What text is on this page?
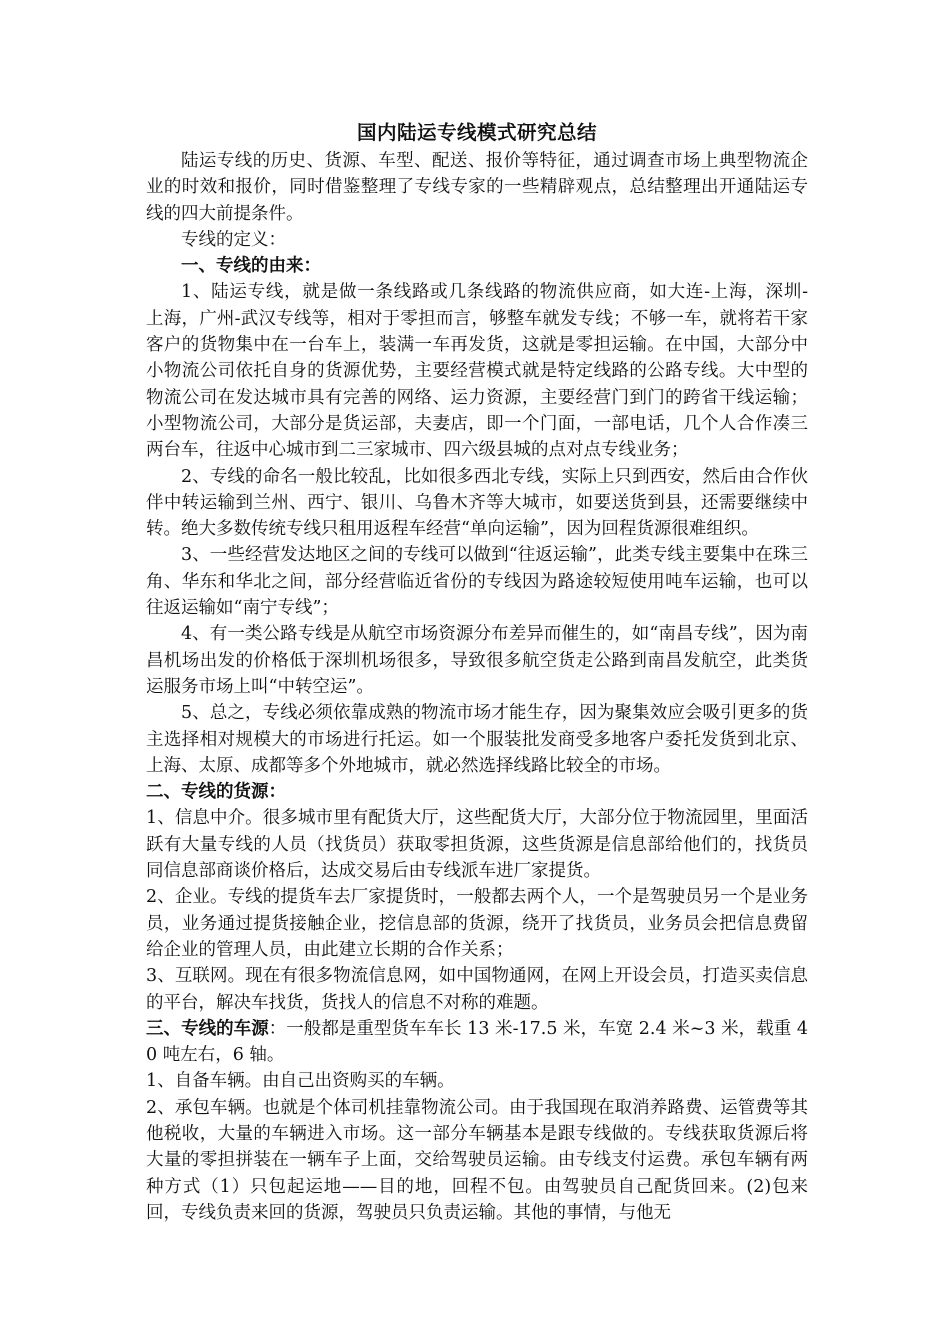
国内陆运专线模式研究总结

陆运专线的历史、货源、车型、配送、报价等特征，通过调查市场上典型物流企业的时效和报价，同时借鉴整理了专线专家的一些精辟观点，总结整理出开通陆运专线的四大前提条件。

专线的定义：

一、专线的由来：

1、陆运专线，就是做一条线路或几条线路的物流供应商，如大连-上海，深圳-　上海，广州-武汉专线等，相对于零担而言，够整车就发专线；不够一车，就将若干家客户的货物集中在一台车上，装满一车再发货，这就是零担运输。在中国，大部分中小物流公司依托自身的货源优势，主要经营模式就是特定线路的公路专线。大中型的物流公司在发达城市具有完善的网络、运力资源，主要经营门到门的跨省干线运输；小型物流公司，大部分是货运部，夫妻店，即一个门面，一部电话，几个人合作凑三两台车，往返中心城市到二三家城市、四六级县城的点对点专线业务；

2、专线的命名一般比较乱，比如很多西北专线，实际上只到西安，然后由合作伙伴中转运输到兰州、西宁、银川、乌鲁木齐等大城市，如要送货到县，还需要继续中转。绝大多数传统专线只租用返程车经营“单向运输”，因为回程货源很难组织。

3、一些经营发达地区之间的专线可以做到“往返运输”，此类专线主要集中在珠三角、华东和华北之间，部分经营临近省份的专线因为路途较短使用吨车运输，也可以往返运输如“南宁专线”；

4、有一类公路专线是从航空市场资源分布差异而催生的，如“南昌专线”，因为南昌机场出发的价格低于深圳机场很多，导致很多航空货走公路到南昌发航空，此类货运服务市场上叫“中转空运”。

5、总之，专线必须依靠成熟的物流市场才能生存，因为聚集效应会吸引更多的货主选择相对规模大的市场进行托运。如一个服装批发商受多地客户委托发货到北京、上海、太原、成都等多个外地城市，就必然选择线路比较全的市场。

二、专线的货源：

1、信息中介。很多城市里有配货大厅，这些配货大厅，大部分位于物流园里，里面活跃有大量专线的人员（找货员）获取零担货源，这些货源是信息部给他们的，找货员同信息部商谈价格后，达成交易后由专线派车进厂家提货。

2、企业。专线的提货车去厂家提货时，一般都去两个人，一个是驾驶员另一个是业务员，业务通过提货接触企业，挖信息部的货源，绕开了找货员，业务员会把信息费留给企业的管理人员，由此建立长期的合作关系；

3、互联网。现在有很多物流信息网，如中国物通网，在网上开设会员，打造买卖信息的平台，解决车找货，货找人的信息不对称的难题。

三、专线的车源：一般都是重型货车车长 13 米-17.5 米，车宽 2.4 米~3 米，载重 40 吨左右，6 轴。

1、自备车辆。由自己出资购买的车辆。

2、承包车辆。也就是个体司机挂靠物流公司。由于我国现在取消养路费、运管费等其他税收，大量的车辆进入市场。这一部分车辆基本是跟专线做的。专线获取货源后将大量的零担拼装在一辆车子上面，交给驾驶员运输。由专线支付运费。承包车辆有两种方式（1）只包起运地——目的地，回程不包。由驾驶员自己配货回来。(2)包来回，专线负责来回的货源，驾驶员只负责运输。其他的事情，与他无
